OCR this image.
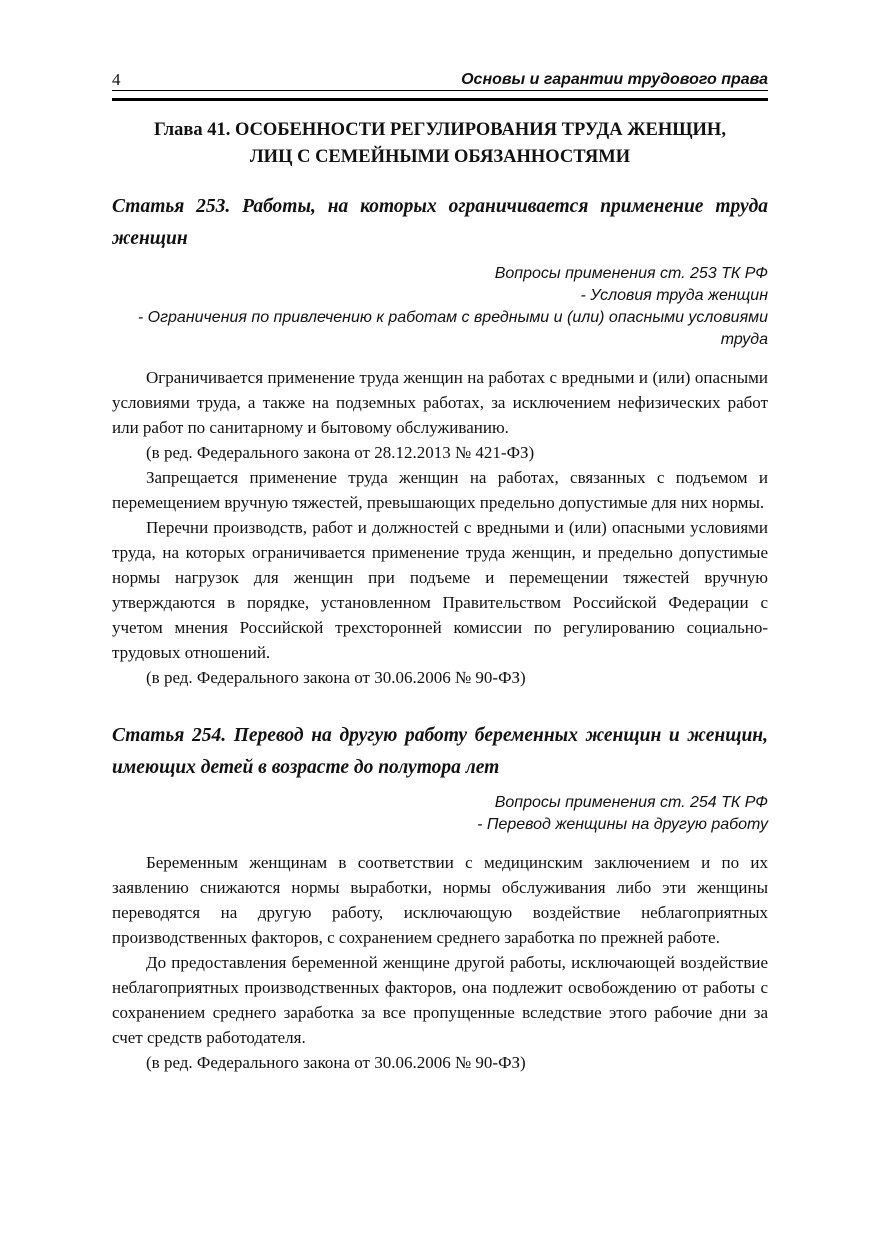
4	Основы и гарантии трудового права
Глава 41. ОСОБЕННОСТИ РЕГУЛИРОВАНИЯ ТРУДА ЖЕНЩИН, ЛИЦ С СЕМЕЙНЫМИ ОБЯЗАННОСТЯМИ
Статья 253. Работы, на которых ограничивается применение труда женщин

Вопросы применения ст. 253 ТК РФ

- Условия труда женщин

- Ограничения по привлечению к работам с вредными и (или) опасными условиями труда

Ограничивается применение труда женщин на работах с вредными и (или) опасными условиями труда, а также на подземных работах, за исключением нефизических работ или работ по санитарному и бытовому обслуживанию.

(в ред. Федерального закона от 28.12.2013 № 421-ФЗ)

Запрещается применение труда женщин на работах, связанных с подъемом и перемещением вручную тяжестей, превышающих предельно допустимые для них нормы.

Перечни производств, работ и должностей с вредными и (или) опасными условиями труда, на которых ограничивается применение труда женщин, и предельно допустимые нормы нагрузок для женщин при подъеме и перемещении тяжестей вручную утверждаются в порядке, установленном Правительством Российской Федерации с учетом мнения Российской трехсторонней комиссии по регулированию социально-трудовых отношений.

(в ред. Федерального закона от 30.06.2006 № 90-ФЗ)

Статья 254. Перевод на другую работу беременных женщин и женщин, имеющих детей в возрасте до полутора лет

Вопросы применения ст. 254 ТК РФ

- Перевод женщины на другую работу

Беременным женщинам в соответствии с медицинским заключением и по их заявлению снижаются нормы выработки, нормы обслуживания либо эти женщины переводятся на другую работу, исключающую воздействие неблагоприятных производственных факторов, с сохранением среднего заработка по прежней работе.

До предоставления беременной женщине другой работы, исключающей воздействие неблагоприятных производственных факторов, она подлежит освобождению от работы с сохранением среднего заработка за все пропущенные вследствие этого рабочие дни за счет средств работодателя.

(в ред. Федерального закона от 30.06.2006 № 90-ФЗ)
